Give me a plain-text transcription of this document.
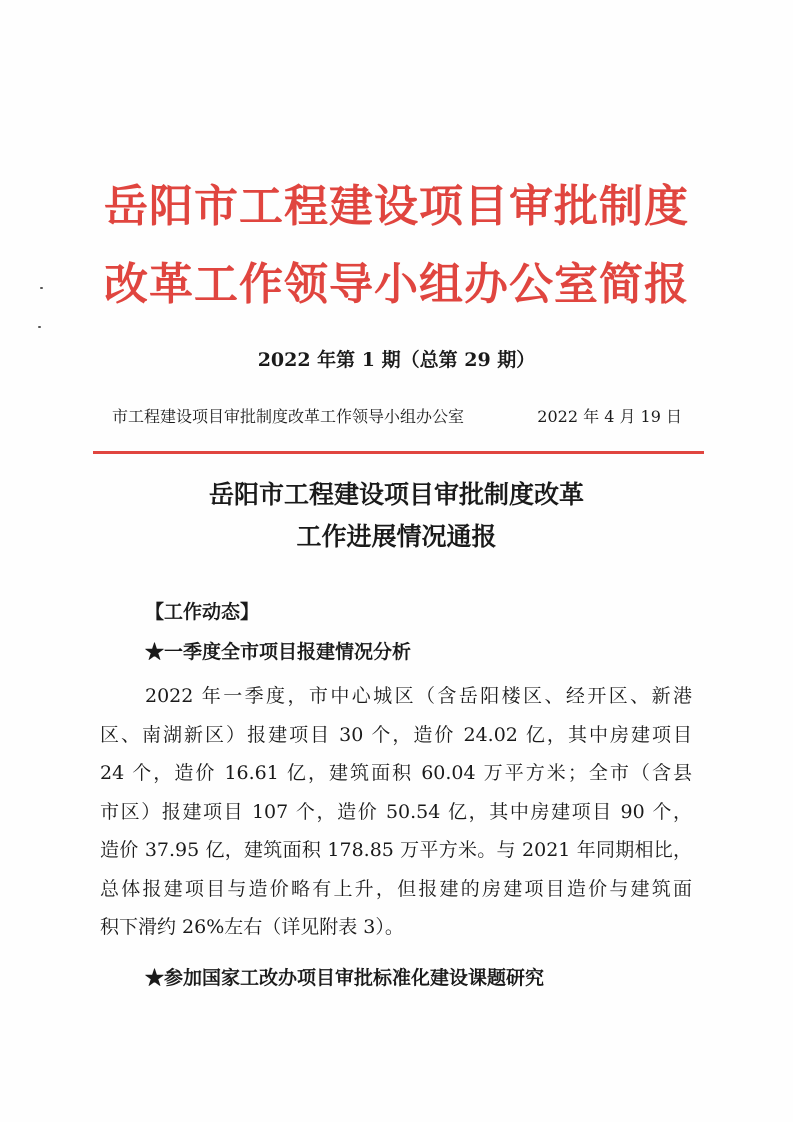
岳阳市工程建设项目审批制度
改革工作领导小组办公室简报
2022 年第 1 期（总第 29 期）
市工程建设项目审批制度改革工作领导小组办公室	2022 年 4 月 19 日
岳阳市工程建设项目审批制度改革
工作进展情况通报
【工作动态】
★一季度全市项目报建情况分析
2022 年一季度，市中心城区（含岳阳楼区、经开区、新港
区、南湖新区）报建项目 30 个，造价 24.02 亿，其中房建项目
24 个，造价 16.61 亿，建筑面积 60.04 万平方米；全市（含县
市区）报建项目 107 个，造价 50.54 亿，其中房建项目 90 个，
造价 37.95 亿，建筑面积 178.85 万平方米。与 2021 年同期相比，
总体报建项目与造价略有上升，但报建的房建项目造价与建筑面
积下滑约 26%左右（详见附表 3）。
★参加国家工改办项目审批标准化建设课题研究
